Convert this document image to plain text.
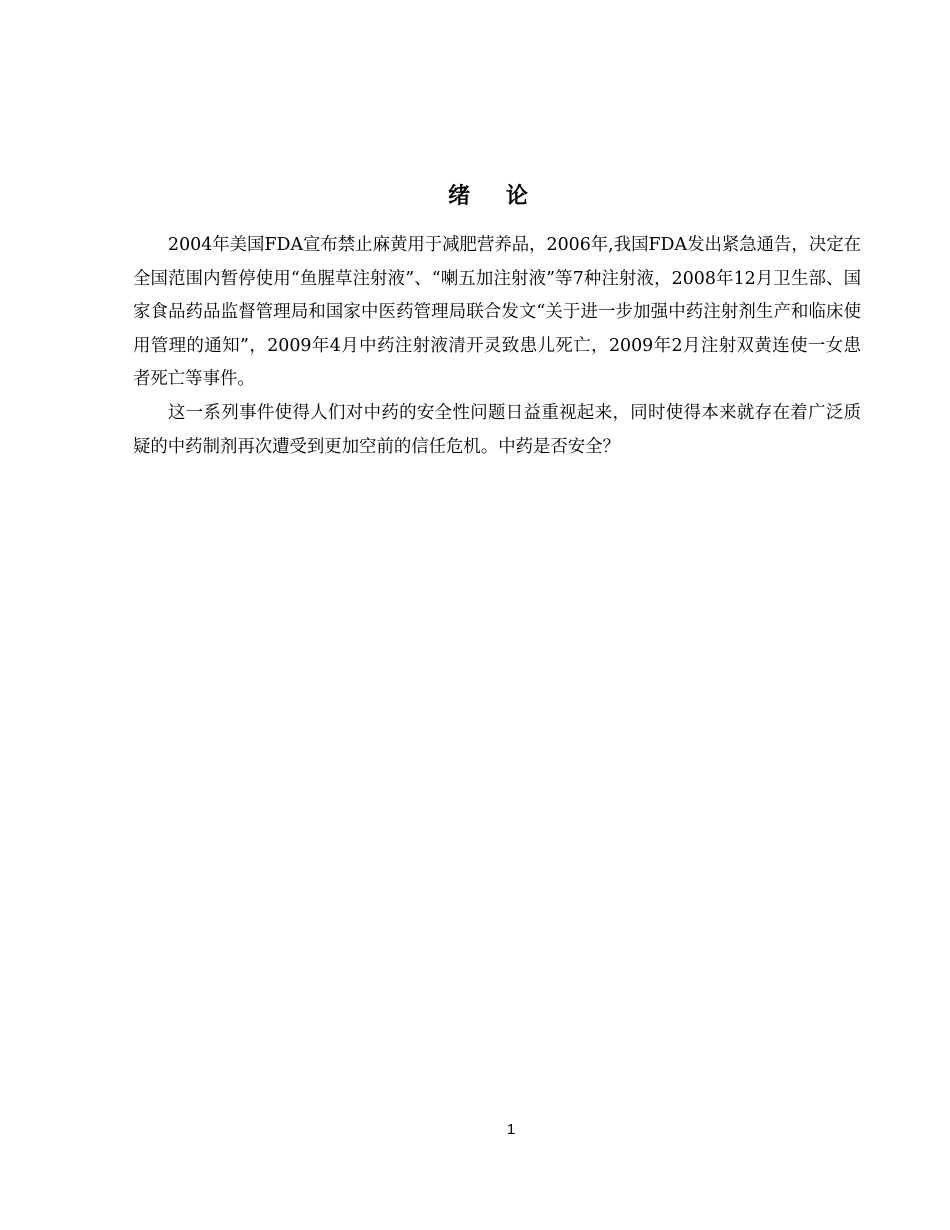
绪 论

2004年美国FDA宣布禁止麻黄用于减肥营养品，2006年,我国FDA发出紧急通告，决定在全国范围内暂停使用“鱼腥草注射液”、“喇五加注射液”等7种注射液，2008年12月卫生部、国家食品药品监督管理局和国家中医药管理局联合发文“关于进一步加强中药注射剂生产和临床使用管理的通知”，2009年4月中药注射液清开灵致患儿死亡，2009年2月注射双黄连使一女患者死亡等事件。

这一系列事件使得人们对中药的安全性问题日益重视起来，同时使得本来就存在着广泛质疑的中药制剂再次遭受到更加空前的信任危机。中药是否安全？

1
